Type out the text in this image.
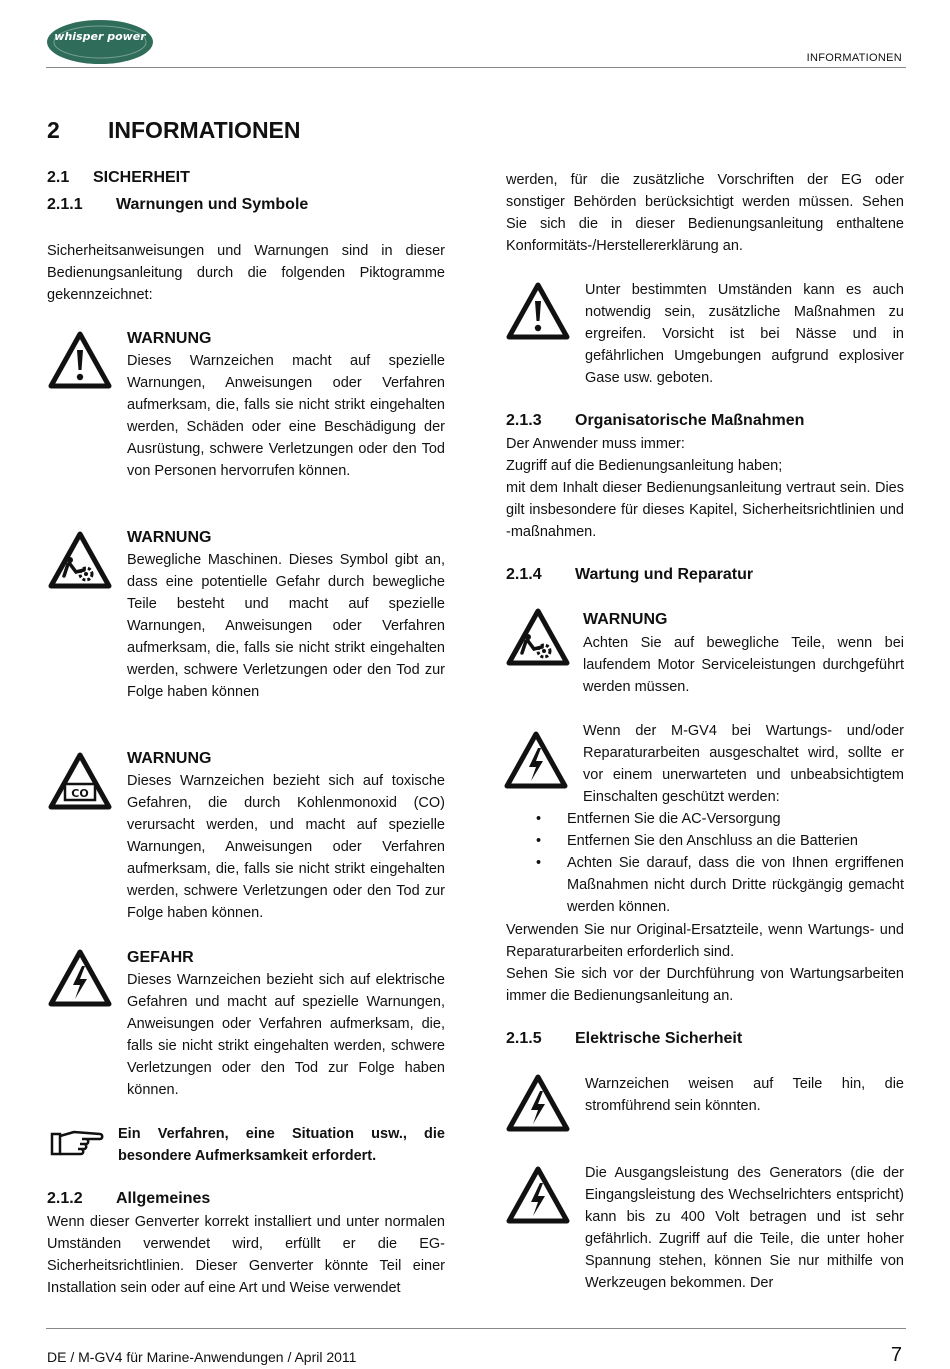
whisper power
INFORMATIONEN
2 INFORMATIONEN
2.1 SICHERHEIT
2.1.1 Warnungen und Symbole
Sicherheitsanweisungen und Warnungen sind in dieser Bedienungsanleitung durch die folgenden Piktogramme gekennzeichnet:
WARNUNG
Dieses Warnzeichen macht auf spezielle Warnungen, Anweisungen oder Verfahren aufmerksam, die, falls sie nicht strikt eingehalten werden, Schäden oder eine Beschädigung der Ausrüstung, schwere Verletzungen oder den Tod von Personen hervorrufen können.
WARNUNG
Bewegliche Maschinen. Dieses Symbol gibt an, dass eine potentielle Gefahr durch bewegliche Teile besteht und macht auf spezielle Warnungen, Anweisungen oder Verfahren aufmerksam, die, falls sie nicht strikt eingehalten werden, schwere Verletzungen oder den Tod zur Folge haben können
CO
WARNUNG
Dieses Warnzeichen bezieht sich auf toxische Gefahren, die durch Kohlenmonoxid (CO) verursacht werden, und macht auf spezielle Warnungen, Anweisungen oder Verfahren aufmerksam, die, falls sie nicht strikt eingehalten werden, schwere Verletzungen oder den Tod zur Folge haben können.
GEFAHR
Dieses Warnzeichen bezieht sich auf elektrische Gefahren und macht auf spezielle Warnungen, Anweisungen oder Verfahren aufmerksam, die, falls sie nicht strikt eingehalten werden, schwere Verletzungen oder den Tod zur Folge haben können.
Ein Verfahren, eine Situation usw., die besondere Aufmerksamkeit erfordert.
2.1.2 Allgemeines
Wenn dieser Genverter korrekt installiert und unter normalen Umständen verwendet wird, erfüllt er die EG-Sicherheitsrichtlinien. Dieser Genverter könnte Teil einer Installation sein oder auf eine Art und Weise verwendet
werden, für die zusätzliche Vorschriften der EG oder sonstiger Behörden berücksichtigt werden müssen. Sehen Sie sich die in dieser Bedienungsanleitung enthaltene Konformitäts-/Herstellererklärung an.
Unter bestimmten Umständen kann es auch notwendig sein, zusätzliche Maßnahmen zu ergreifen. Vorsicht ist bei Nässe und in gefährlichen Umgebungen aufgrund explosiver Gase usw. geboten.
2.1.3 Organisatorische Maßnahmen
Der Anwender muss immer:
Zugriff auf die Bedienungsanleitung haben;
mit dem Inhalt dieser Bedienungsanleitung vertraut sein. Dies gilt insbesondere für dieses Kapitel, Sicherheitsrichtlinien und -maßnahmen.
2.1.4 Wartung und Reparatur
WARNUNG
Achten Sie auf bewegliche Teile, wenn bei laufendem Motor Serviceleistungen durchgeführt werden müssen.
Wenn der M-GV4 bei Wartungs- und/oder Reparaturarbeiten ausgeschaltet wird, sollte er vor einem unerwarteten und unbeabsichtigtem Einschalten geschützt werden:
• Entfernen Sie die AC-Versorgung
• Entfernen Sie den Anschluss an die Batterien
• Achten Sie darauf, dass die von Ihnen ergriffenen Maßnahmen nicht durch Dritte rückgängig gemacht werden können.
Verwenden Sie nur Original-Ersatzteile, wenn Wartungs- und Reparaturarbeiten erforderlich sind.
Sehen Sie sich vor der Durchführung von Wartungsarbeiten immer die Bedienungsanleitung an.
2.1.5 Elektrische Sicherheit
Warnzeichen weisen auf Teile hin, die stromführend sein könnten.
Die Ausgangsleistung des Generators (die der Eingangsleistung des Wechselrichters entspricht) kann bis zu 400 Volt betragen und ist sehr gefährlich. Zugriff auf die Teile, die unter hoher Spannung stehen, können Sie nur mithilfe von Werkzeugen bekommen. Der
DE / M-GV4 für Marine-Anwendungen / April 2011	7
